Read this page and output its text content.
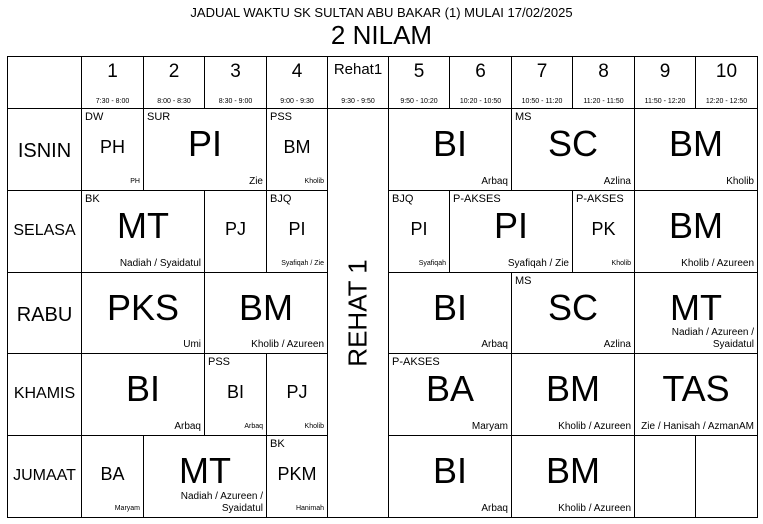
JADUAL WAKTU SK SULTAN ABU BAKAR (1) MULAI 17/02/2025
2 NILAM
1
7:30 - 8:00
2
8:00 - 8:30
3
8:30 - 9:00
4
9:00 - 9:30
Rehat1
9:30 - 9:50
5
9:50 - 10:20
6
10:20 - 10:50
7
10:50 - 11:20
8
11:20 - 11:50
9
11:50 - 12:20
10
12:20 - 12:50
REHAT 1
ISNIN
DW
PH
PH
SUR
PI
Zie
PSS
BM
Kholib
BI
Arbaq
MS
SC
Azlina
BM
Kholib
SELASA
BK
MT
Nadiah / Syaidatul
PJ
BJQ
PI
Syafiqah / Zie
BJQ
PI
Syafiqah
P-AKSES
PI
Syafiqah / Zie
P-AKSES
PK
Kholib
BM
Kholib / Azureen
RABU PKS
Umi
BM
Kholib / Azureen
BI
Arbaq
MS
SC
Azlina
MT
Nadiah / Azureen /
Syaidatul
KHAMIS	BI
Arbaq
PSS
BI
Arbaq
PJ
Kholib
P-AKSES
BA
Maryam
BM
Kholib / Azureen
TAS
Zie / Hanisah / AzmanAM
JUMAAT	BA
Maryam
MT
Nadiah / Azureen /
Syaidatul
BK
PKM
Hanimah
BI
Arbaq
BM
Kholib / Azureen
